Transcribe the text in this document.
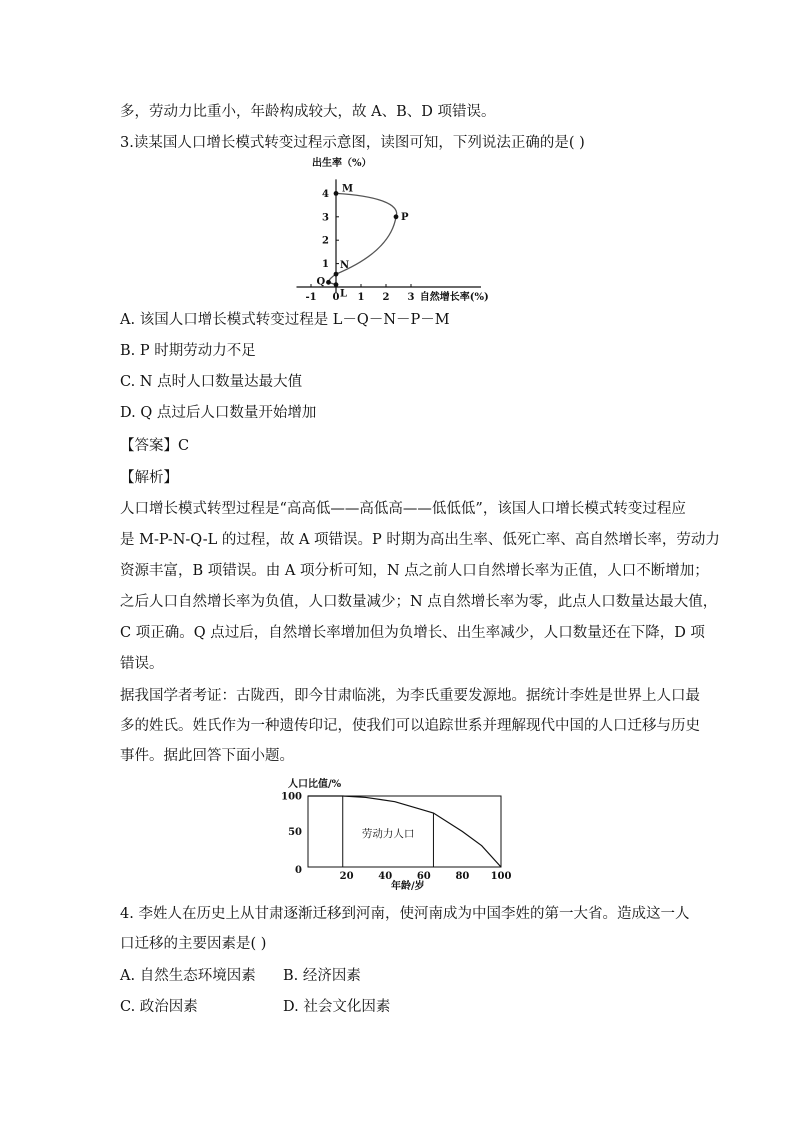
多，劳动力比重小，年龄构成较大，故 A、B、D 项错误。
3.读某国人口增长模式转变过程示意图，读图可知，下列说法正确的是( )
出生率（%）
自然增长率(%)
-1 0 1 2 3
1
2
3
4 M
P
N
Q
L
A. 该国人口增长模式转变过程是 L－Q－N－P－M
B. P 时期劳动力不足
C. N 点时人口数量达最大值
D. Q 点过后人口数量开始增加
【答案】C
【解析】
人口增长模式转型过程是“高高低——高低高——低低低”，该国人口增长模式转变过程应
是 M-P-N-Q-L 的过程，故 A 项错误。P 时期为高出生率、低死亡率、高自然增长率，劳动力
资源丰富，B 项错误。由 A 项分析可知，N 点之前人口自然增长率为正值，人口不断增加；
之后人口自然增长率为负值，人口数量减少；N 点自然增长率为零，此点人口数量达最大值，
C 项正确。Q 点过后，自然增长率增加但为负增长、出生率减少，人口数量还在下降，D 项
错误。
据我国学者考证：古陇西，即今甘肃临洮，为李氏重要发源地。据统计李姓是世界上人口最
多的姓氏。姓氏作为一种遗传印记，使我们可以追踪世系并理解现代中国的人口迁移与历史
事件。据此回答下面小题。
劳动力人口
人口比值/%
年龄/岁
20 40 60 80 100
0
50
100
4. 李姓人在历史上从甘肃逐渐迁移到河南，使河南成为中国李姓的第一大省。造成这一人
口迁移的主要因素是( )
A. 自然生态环境因素 B. 经济因素
C. 政治因素	D. 社会文化因素
